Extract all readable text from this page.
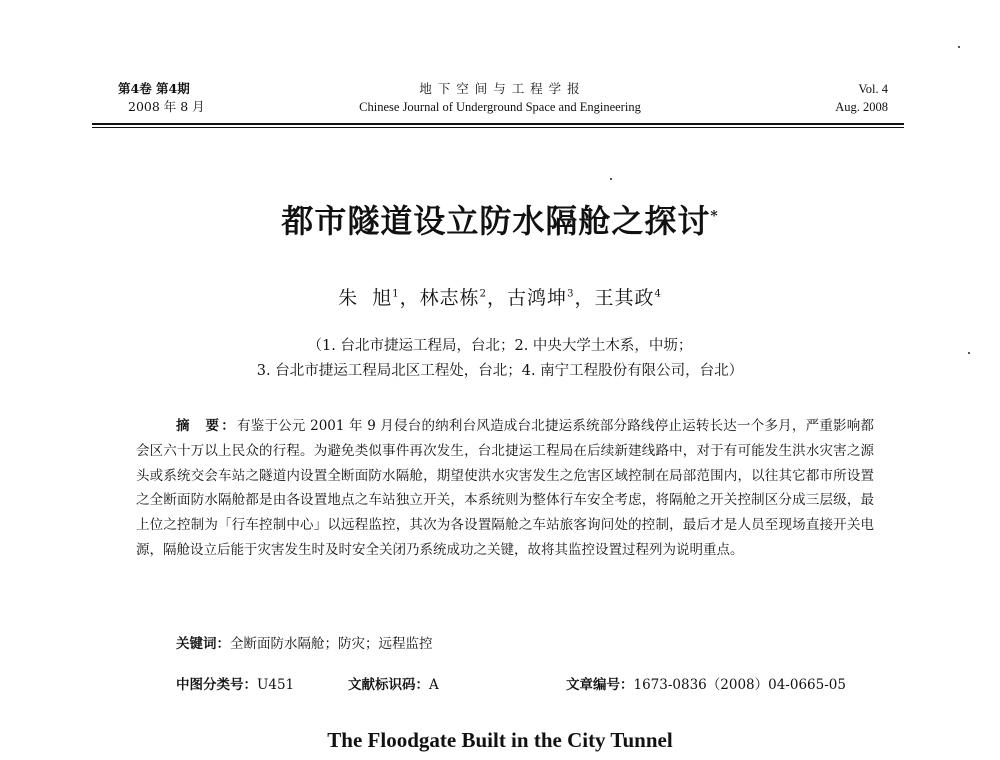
第4卷 第4期
2008 年 8 月
地 下 空 间 与 工 程 学 报
Chinese Journal of Underground Space and Engineering
Vol. 4
Aug. 2008
都市隧道设立防水隔舱之探讨*
朱  旭$^1$，林志栋$^2$，古鸿坤$^3$，王其政$^4$
（1. 台北市捷运工程局，台北；2. 中央大学土木系，中坜；
3. 台北市捷运工程局北区工程处，台北；4. 南宁工程股份有限公司，台北）
摘  要：有鉴于公元 2001 年 9 月侵台的纳利台风造成台北捷运系统部分路线停止运转长达一个多月，严重影响都会区六十万以上民众的行程。为避免类似事件再次发生，台北捷运工程局在后续新建线路中，对于有可能发生洪水灾害之源头或系统交会车站之隧道内设置全断面防水隔舱，期望使洪水灾害发生之危害区域控制在局部范围内，以往其它都市所设置之全断面防水隔舱都是由各设置地点之车站独立开关，本系统则为整体行车安全考虑，将隔舱之开关控制区分成三层级，最上位之控制为「行车控制中心」以远程监控，其次为各设置隔舱之车站旅客询问处的控制，最后才是人员至现场直接开关电源，隔舱设立后能于灾害发生时及时安全关闭乃系统成功之关键，故将其监控设置过程列为说明重点。
关键词：全断面防水隔舱；防灾；远程监控
中图分类号：U451	文献标识码：A	文章编号：1673-0836（2008）04-0665-05
The Floodgate Built in the City Tunnel
